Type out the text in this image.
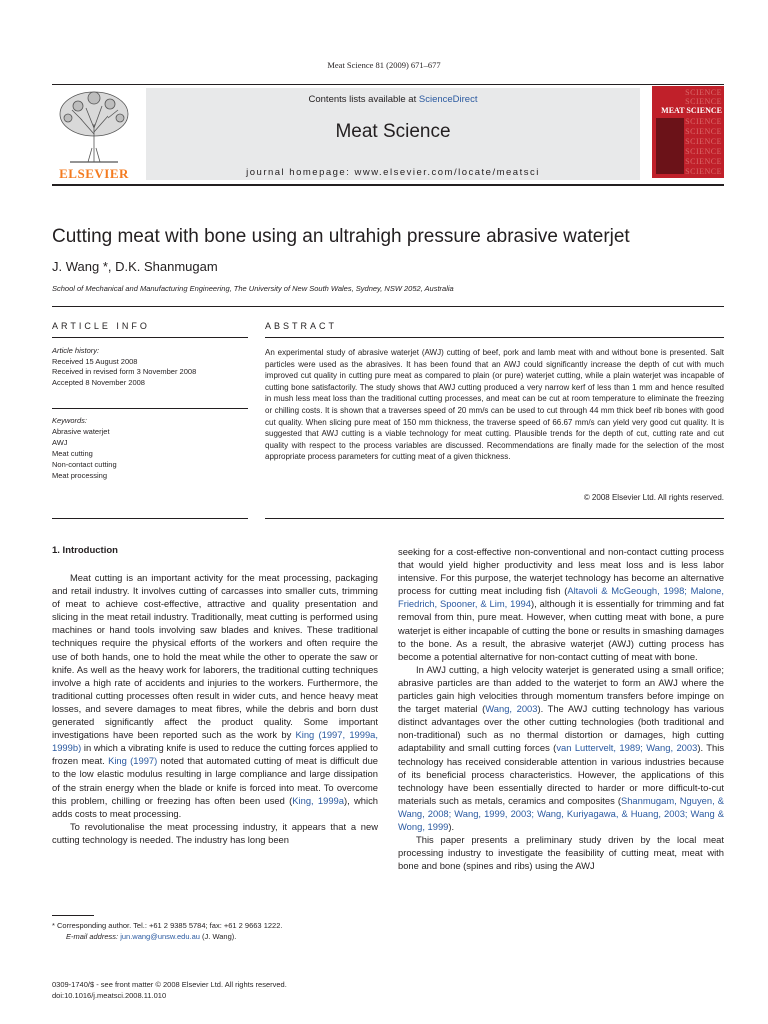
Meat Science 81 (2009) 671–677
ELSEVIER
Contents lists available at ScienceDirect
Meat Science
journal homepage: www.elsevier.com/locate/meatsci
SCIENCE
SCIENCE
MEAT SCIENCE
SCIENCE
SCIENCE
SCIENCE
SCIENCE
SCIENCE
SCIENCE
Cutting meat with bone using an ultrahigh pressure abrasive waterjet
J. Wang *, D.K. Shanmugam
School of Mechanical and Manufacturing Engineering, The University of New South Wales, Sydney, NSW 2052, Australia
ARTICLE INFO	ABSTRACT
Article history:
Received 15 August 2008
Received in revised form 3 November 2008
Accepted 8 November 2008
Keywords:
Abrasive waterjet
AWJ
Meat cutting
Non-contact cutting
Meat processing
An experimental study of abrasive waterjet (AWJ) cutting of beef, pork and lamb meat with and without bone is presented. Salt particles were used as the abrasives. It has been found that an AWJ could significantly increase the depth of cut with much improved cut quality in cutting pure meat as compared to plain (or pure) waterjet cutting, while a plain waterjet was incapable of cutting bone satisfactorily. The study shows that AWJ cutting produced a very narrow kerf of less than 1 mm and hence resulted in mush less meat loss than the traditional cutting processes, and meat can be cut at room temperature to eliminate the freezing or chilling costs. It is shown that a traverses speed of 20 mm/s can be used to cut through 44 mm thick beef rib bones with good cut quality. When slicing pure meat of 150 mm thickness, the traverse speed of 66.67 mm/s can yield very good cut quality. It is suggested that AWJ cutting is a viable technology for meat cutting. Plausible trends for the depth of cut, cutting rate and cut quality with respect to the process variables are discussed. Recommendations are finally made for the selection of the most appropriate process parameters for cutting meat of a given thickness.
© 2008 Elsevier Ltd. All rights reserved.
1. Introduction

Meat cutting is an important activity for the meat processing, packaging and retail industry. It involves cutting of carcasses into smaller cuts, trimming of meat to achieve cost-effective, attractive and quality presentation and slicing in the meat retail industry. Traditionally, meat cutting is performed using machines or hand tools involving saw blades and knives. These traditional techniques require the physical efforts of the workers and often require the use of both hands, one to hold the meat while the other to operate the saw or knife. As well as the heavy work for laborers, the traditional cutting techniques involve a high rate of accidents and injuries to the workers. Furthermore, the traditional cutting processes often result in wider cuts, and hence heavy meat losses, and severe damages to meat fibres, while the debris and born dust generated significantly affect the product quality. Some important investigations have been reported such as the work by King (1997, 1999a, 1999b) in which a vibrating knife is used to reduce the cutting forces applied to frozen meat. King (1997) noted that automated cutting of meat is difficult due to the low elastic modulus resulting in large compliance and large dissipation of the strain energy when the blade or knife is forced into meat. To overcome this problem, chilling or freezing has often been used (King, 1999a), which adds costs to meat processing.

To revolutionalise the meat processing industry, it appears that a new cutting technology is needed. The industry has long been

seeking for a cost-effective non-conventional and non-contact cutting process that would yield higher productivity and less meat loss and is less labor intensive. For this purpose, the waterjet technology has become an alternative process for cutting meat including fish (Altavoli & McGeough, 1998; Malone, Friedrich, Spooner, & Lim, 1994), although it is essentially for trimming and fat removal from thin, pure meat. However, when cutting meat with bone, a pure waterjet is either incapable of cutting the bone or results in smashing damages to the bone. As a result, the abrasive waterjet (AWJ) cutting process has become a potential alternative for non-contact cutting of meat with bone.

In AWJ cutting, a high velocity waterjet is generated using a small orifice; abrasive particles are than added to the waterjet to form an AWJ where the particles gain high velocities through momentum transfers before impinge on the target material (Wang, 2003). The AWJ cutting technology has various distinct advantages over the other cutting technologies (both traditional and non-traditional) such as no thermal distortion or damages, high cutting adaptability and small cutting forces (van Luttervelt, 1989; Wang, 2003). This technology has received considerable attention in various industries because of its beneficial process characteristics. However, the applications of this technology have been essentially directed to harder or more difficult-to-cut materials such as metals, ceramics and composites (Shanmugam, Nguyen, & Wang, 2008; Wang, 1999, 2003; Wang, Kuriyagawa, & Huang, 2003; Wang & Wong, 1999).

This paper presents a preliminary study driven by the local meat processing industry to investigate the feasibility of cutting meat, meat with bone and bone (spines and ribs) using the AWJ

* Corresponding author. Tel.: +61 2 9385 5784; fax: +61 2 9663 1222.
E-mail address: jun.wang@unsw.edu.au (J. Wang).
0309-1740/$ - see front matter © 2008 Elsevier Ltd. All rights reserved.
doi:10.1016/j.meatsci.2008.11.010
